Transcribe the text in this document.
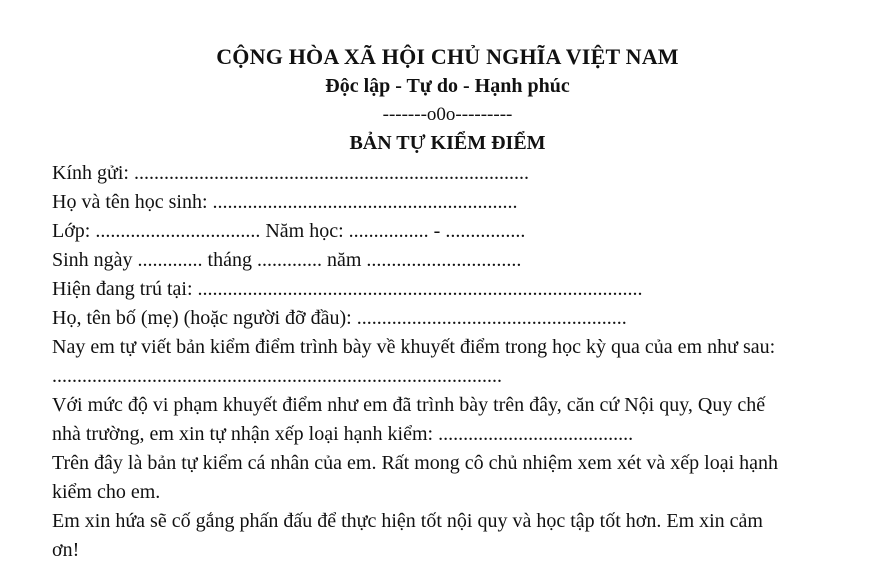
CỘNG HÒA XÃ HỘI CHỦ NGHĨA VIỆT NAM
Độc lập - Tự do - Hạnh phúc
-------o0o---------
BẢN TỰ KIỂM ĐIỂM
Kính gửi: ...............................................................................
Họ và tên học sinh: .............................................................
Lớp: ................................. Năm học: ................ - ................
Sinh ngày ............. tháng ............. năm ...............................
Hiện đang trú tại: .........................................................................................
Họ, tên bố (mẹ) (hoặc người đỡ đầu): ......................................................
Nay em tự viết bản kiểm điểm trình bày về khuyết điểm trong học kỳ qua của em như sau:
..........................................................................................
Với mức độ vi phạm khuyết điểm như em đã trình bày trên đây, căn cứ Nội quy, Quy chế
nhà trường, em xin tự nhận xếp loại hạnh kiểm: .......................................
Trên đây là bản tự kiểm cá nhân của em. Rất mong cô chủ nhiệm xem xét và xếp loại hạnh
kiểm cho em.
Em xin hứa sẽ cố gắng phấn đấu để thực hiện tốt nội quy và học tập tốt hơn. Em xin cảm
ơn!
